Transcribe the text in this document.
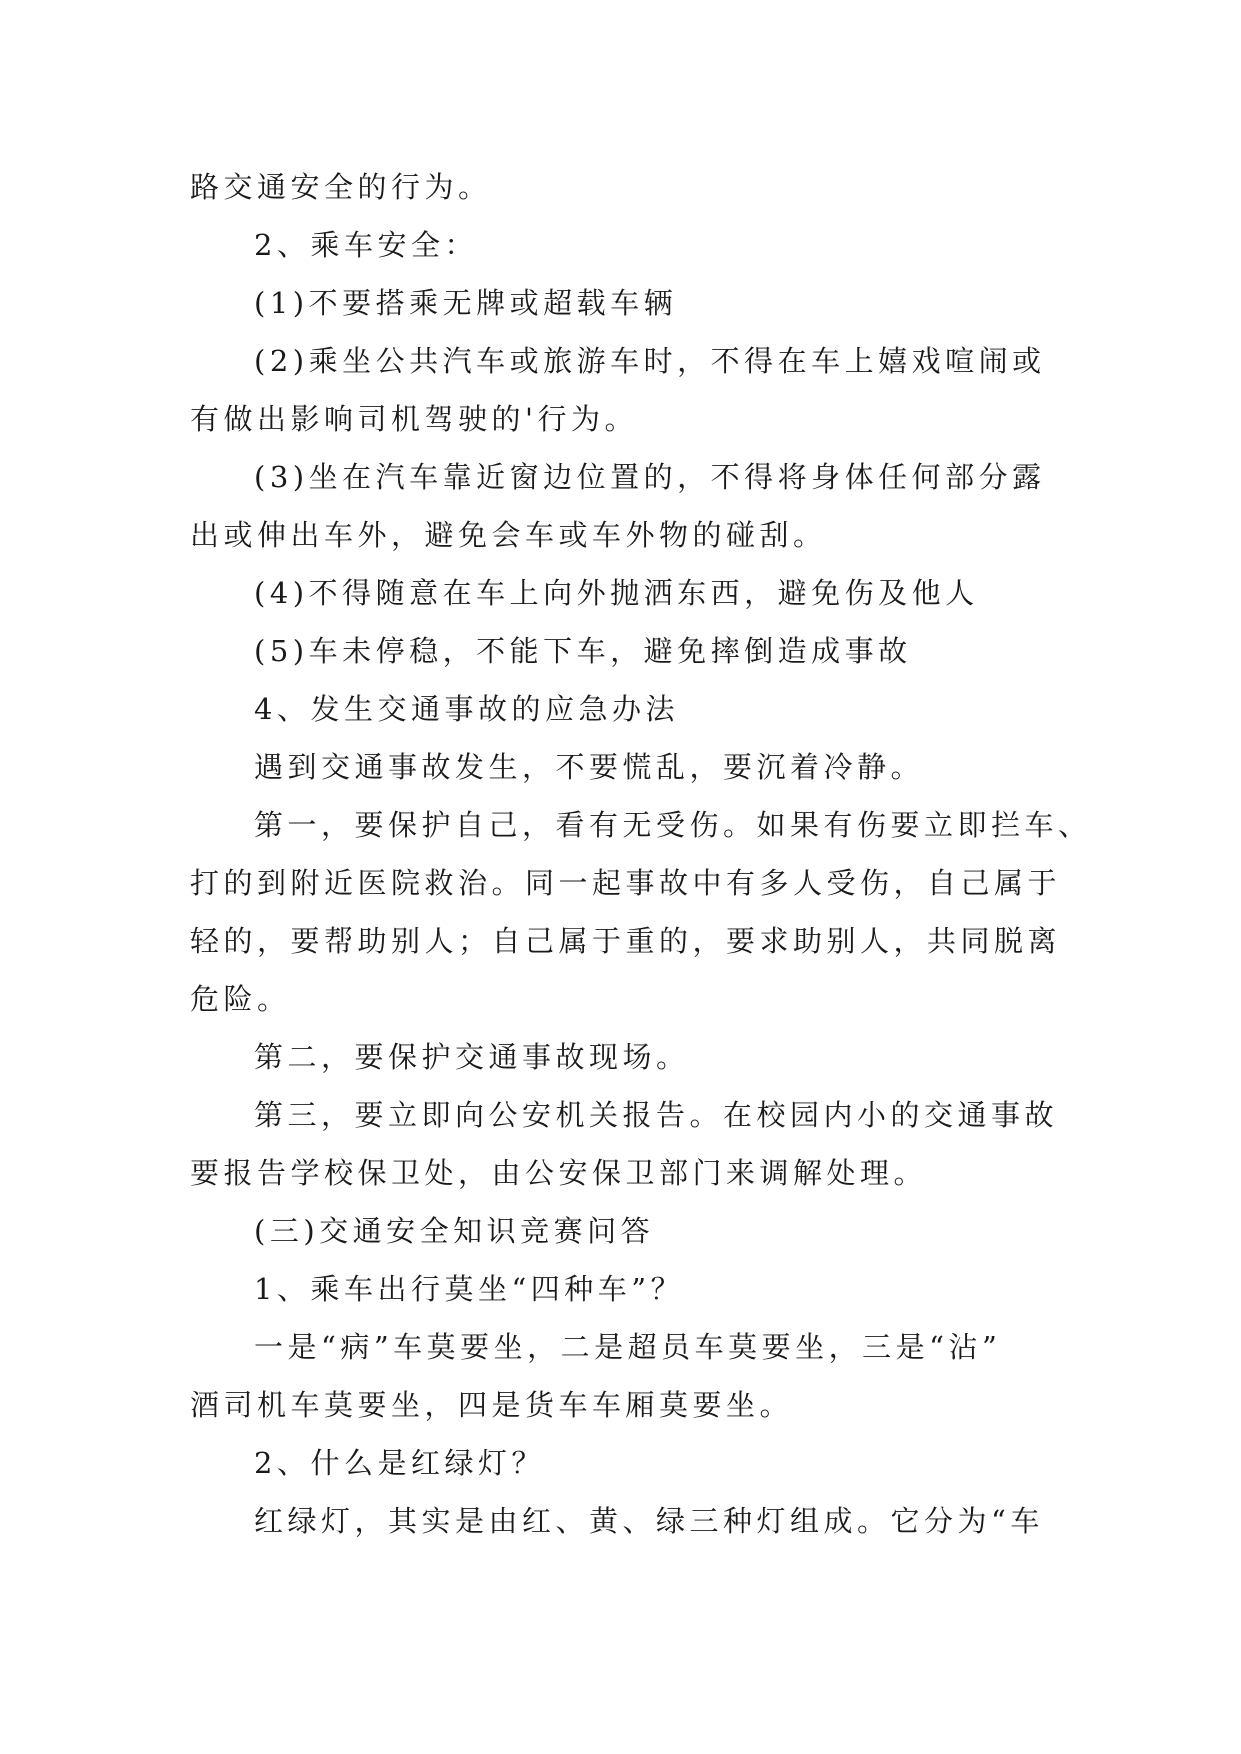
路交通安全的行为。
2、乘车安全：
(1)不要搭乘无牌或超载车辆
(2)乘坐公共汽车或旅游车时，不得在车上嬉戏喧闹或
有做出影响司机驾驶的'行为。
(3)坐在汽车靠近窗边位置的，不得将身体任何部分露
出或伸出车外，避免会车或车外物的碰刮。
(4)不得随意在车上向外抛洒东西，避免伤及他人
(5)车未停稳，不能下车，避免摔倒造成事故
4、发生交通事故的应急办法
遇到交通事故发生，不要慌乱，要沉着冷静。
第一，要保护自己，看有无受伤。如果有伤要立即拦车、
打的到附近医院救治。同一起事故中有多人受伤，自己属于
轻的，要帮助别人；自己属于重的，要求助别人，共同脱离
危险。
第二，要保护交通事故现场。
第三，要立即向公安机关报告。在校园内小的交通事故
要报告学校保卫处，由公安保卫部门来调解处理。
(三)交通安全知识竞赛问答
1、乘车出行莫坐“四种车”？
一是“病”车莫要坐，二是超员车莫要坐，三是“沾”
酒司机车莫要坐，四是货车车厢莫要坐。
2、什么是红绿灯？
红绿灯，其实是由红、黄、绿三种灯组成。它分为“车
